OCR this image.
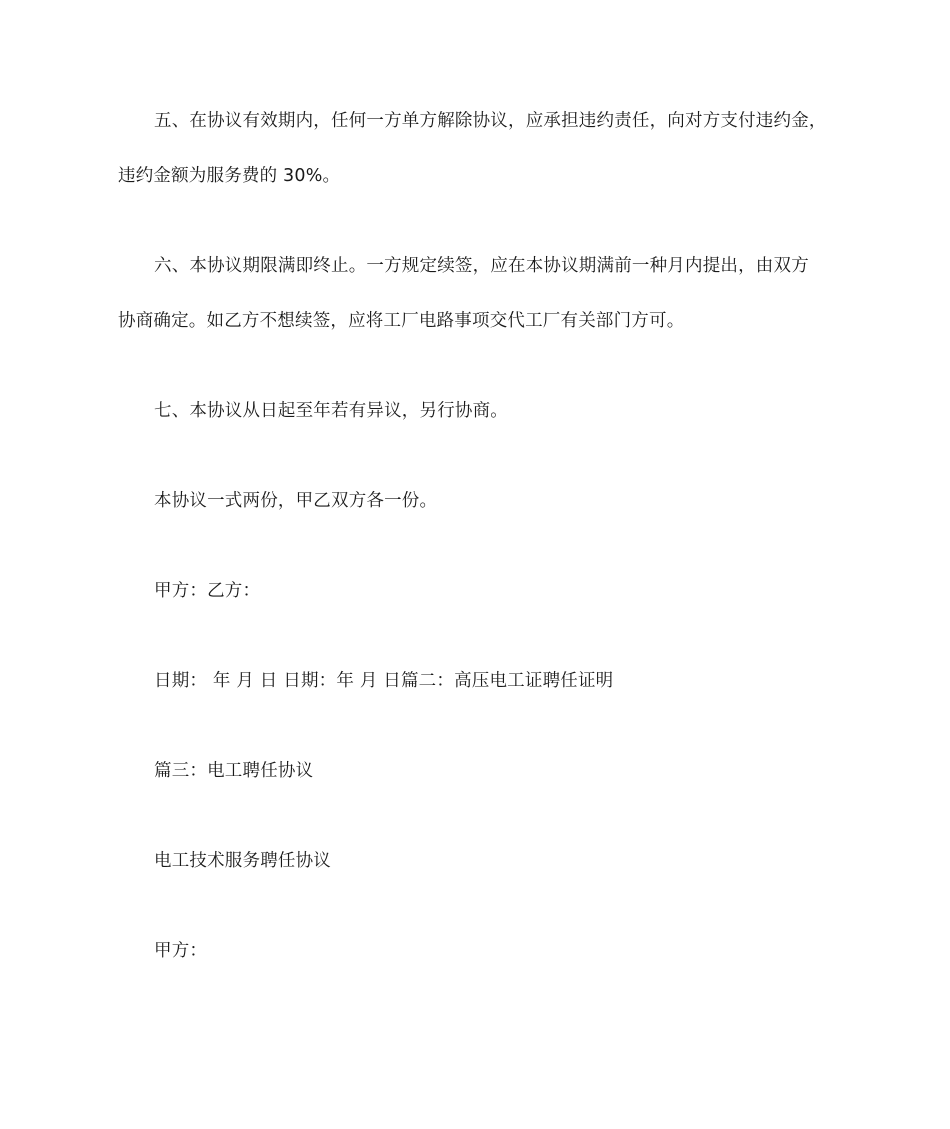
五、在协议有效期内，任何一方单方解除协议，应承担违约责任，向对方支付违约金，
违约金额为服务费的 30%。
六、本协议期限满即终止。一方规定续签，应在本协议期满前一种月内提出，由双方
协商确定。如乙方不想续签，应将工厂电路事项交代工厂有关部门方可。
七、本协议从日起至年若有异议，另行协商。
本协议一式两份，甲乙双方各一份。
甲方：乙方：
日期： 年 月 日 日期：年 月 日篇二：高压电工证聘任证明
篇三：电工聘任协议
电工技术服务聘任协议
甲方：
